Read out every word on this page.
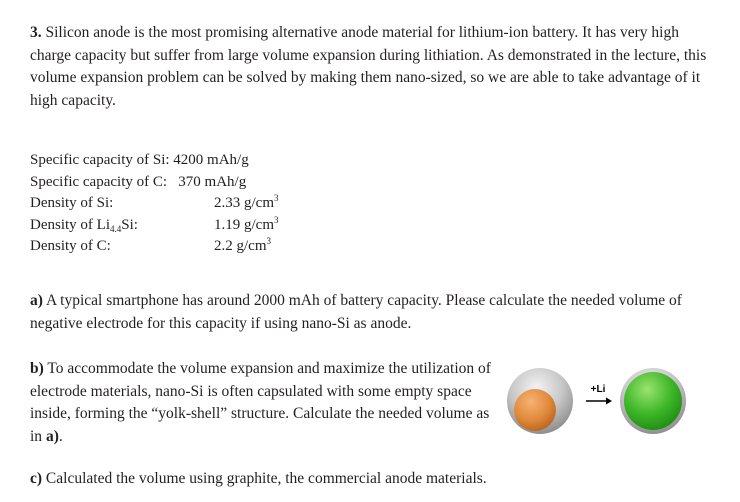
3. Silicon anode is the most promising alternative anode material for lithium-ion battery. It has very high charge capacity but suffer from large volume expansion during lithiation. As demonstrated in the lecture, this volume expansion problem can be solved by making them nano-sized, so we are able to take advantage of it high capacity.
Specific capacity of Si: 4200 mAh/g
Specific capacity of C: 370 mAh/g
Density of Si:	2.33 $g/cm^3$
Density of $Li_{4.4}Si$:	1.19 $g/cm^3$
Density of C:	2.2 $g/cm^3$
a) A typical smartphone has around 2000 mAh of battery capacity. Please calculate the needed volume of negative electrode for this capacity if using nano-Si as anode.
b) To accommodate the volume expansion and maximize the utilization of electrode materials, nano-Si is often capsulated with some empty space inside, forming the “yolk-shell” structure. Calculate the needed volume as in a).
+Li
c) Calculated the volume using graphite, the commercial anode materials.
